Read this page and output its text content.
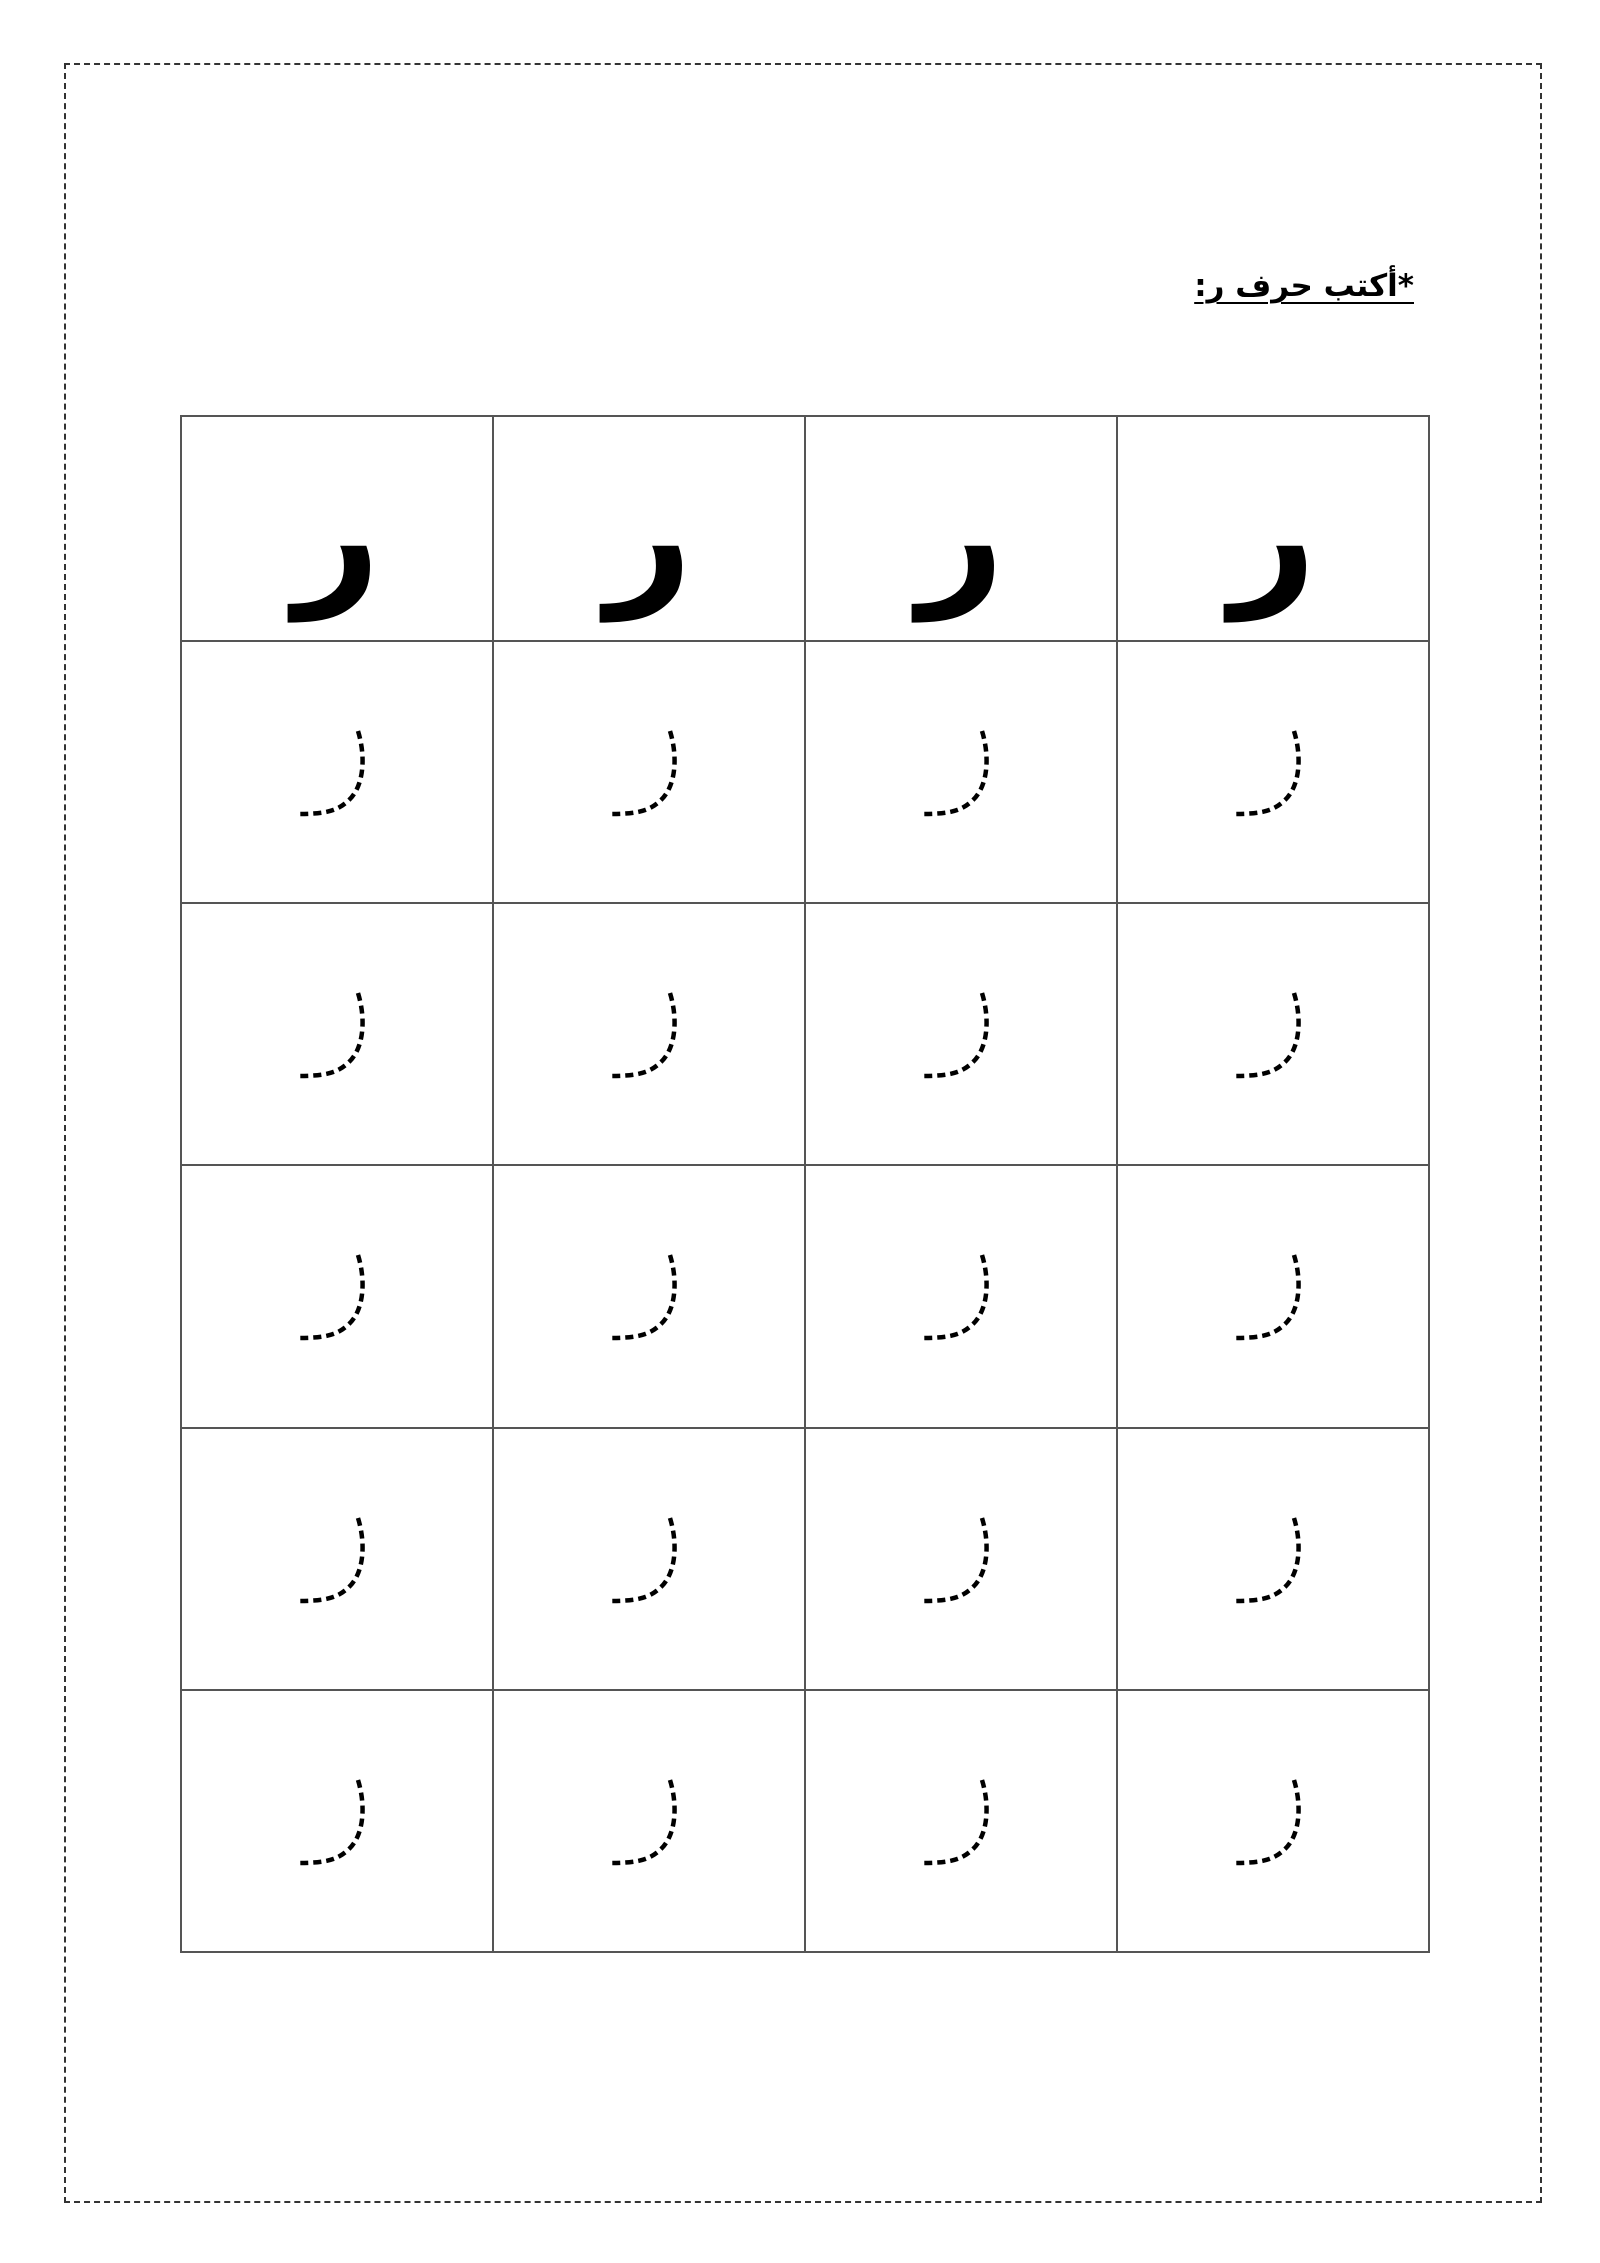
*أكتب حرف ر:
ر	ر	ر	ر
